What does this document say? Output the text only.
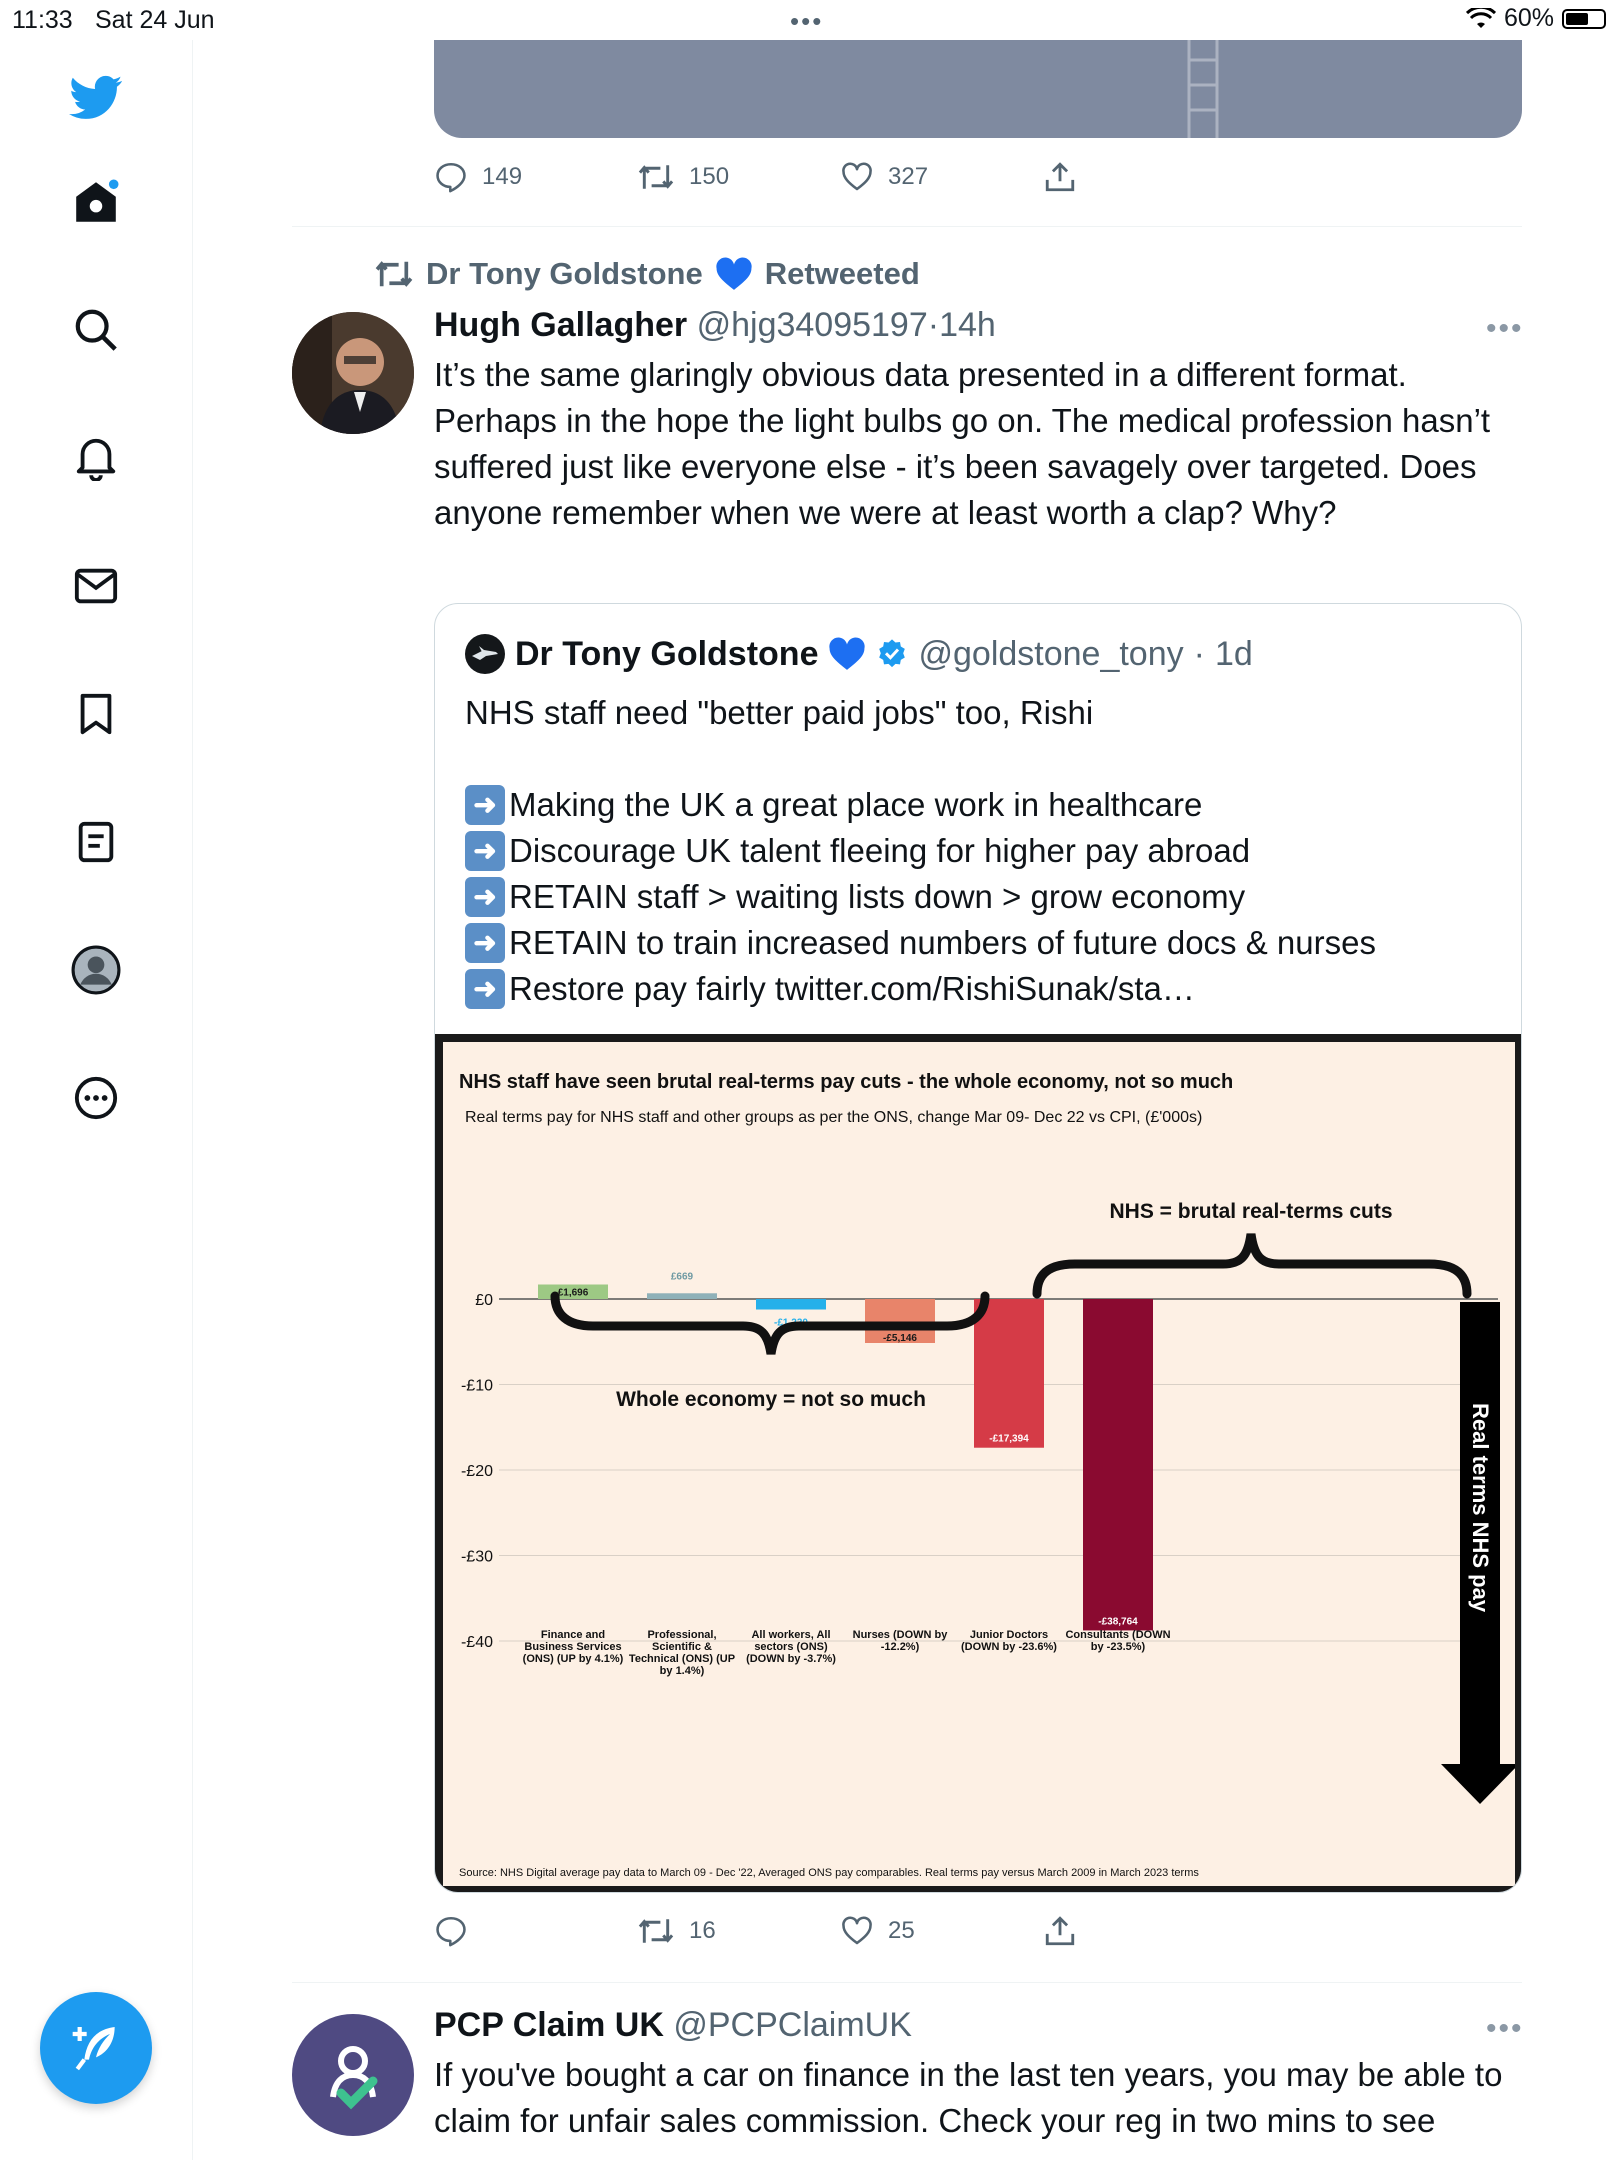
11:33 Sat 24 Jun	•••	60%
149	150	327
Dr Tony Goldstone Retweeted
Hugh Gallagher @hjg34095197·14h	•••
It’s the same glaringly obvious data presented in a different format. Perhaps in the hope the light bulbs go on. The medical profession hasn’t suffered just like everyone else - it’s been savagely over targeted. Does anyone remember when we were at least worth a clap? Why?
Dr Tony Goldstone	@goldstone_tony · 1d
NHS staff need "better paid jobs" too, Rishi
➜ Making the UK a great place work in healthcare
➜ Discourage UK talent fleeing for higher pay abroad
➜ RETAIN staff > waiting lists down > grow economy
➜ RETAIN to train increased numbers of future docs & nurses
➜ Restore pay fairly twitter.com/RishiSunak/sta…
NHS staff have seen brutal real-terms pay cuts - the whole economy, not so much
Real terms pay for NHS staff and other groups as per the ONS, change Mar 09- Dec 22 vs CPI, (£'000s)
£0
-£10
-£20
-£30
-£40
£1,696
£669
-£1,230
-£5,146
-£17,394
-£38,764
NHS = brutal real-terms cuts
Whole economy = not so much
Real terms NHS pay
Finance and
Business Services
(ONS) (UP by 4.1%)
Professional,
Scientific &
Technical (ONS) (UP
by 1.4%)
All workers, All
sectors (ONS)
(DOWN by -3.7%)
Nurses (DOWN by
-12.2%)
Junior Doctors
(DOWN by -23.6%)
Consultants (DOWN
by -23.5%)
Source: NHS Digital average pay data to March 09 - Dec '22, Averaged ONS pay comparables. Real terms pay versus March 2009 in March 2023 terms
16	25
PCP Claim UK @PCPClaimUK	•••
If you've bought a car on finance in the last ten years, you may be able to claim for unfair sales commission. Check your reg in two mins to see
